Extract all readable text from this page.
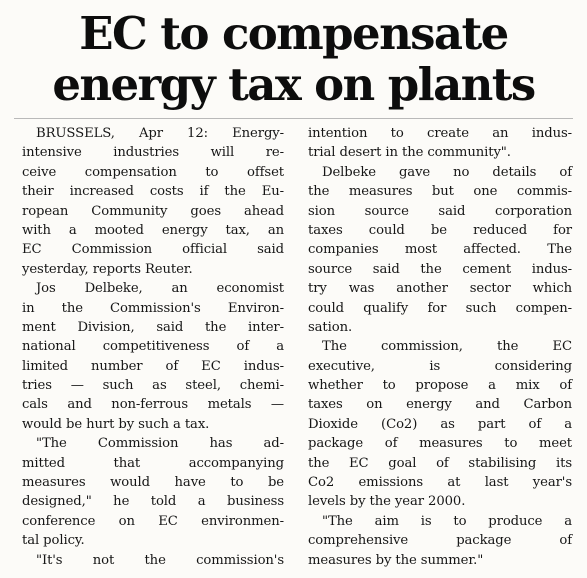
EC to compensate
energy tax on plants
BRUSSELS, Apr 12: Energy-
intensive industries will re-
ceive compensation to offset
their increased costs if the Eu-
ropean Community goes ahead
with a mooted energy tax, an
EC Commission official said
yesterday, reports Reuter.
Jos Delbeke, an economist
in the Commission's Environ-
ment Division, said the inter-
national competitiveness of a
limited number of EC indus-
tries — such as steel, chemi-
cals and non-ferrous metals —
would be hurt by such a tax.
"The Commission has ad-
mitted that accompanying
measures would have to be
designed," he told a business
conference on EC environmen-
tal policy.
"It's not the commission's
intention to create an indus-
trial desert in the community".
Delbeke gave no details of
the measures but one commis-
sion source said corporation
taxes could be reduced for
companies most affected. The
source said the cement indus-
try was another sector which
could qualify for such compen-
sation.
The commission, the EC
executive, is considering
whether to propose a mix of
taxes on energy and Carbon
Dioxide (Co2) as part of a
package of measures to meet
the EC goal of stabilising its
Co2 emissions at last year's
levels by the year 2000.
"The aim is to produce a
comprehensive package of
measures by the summer."
